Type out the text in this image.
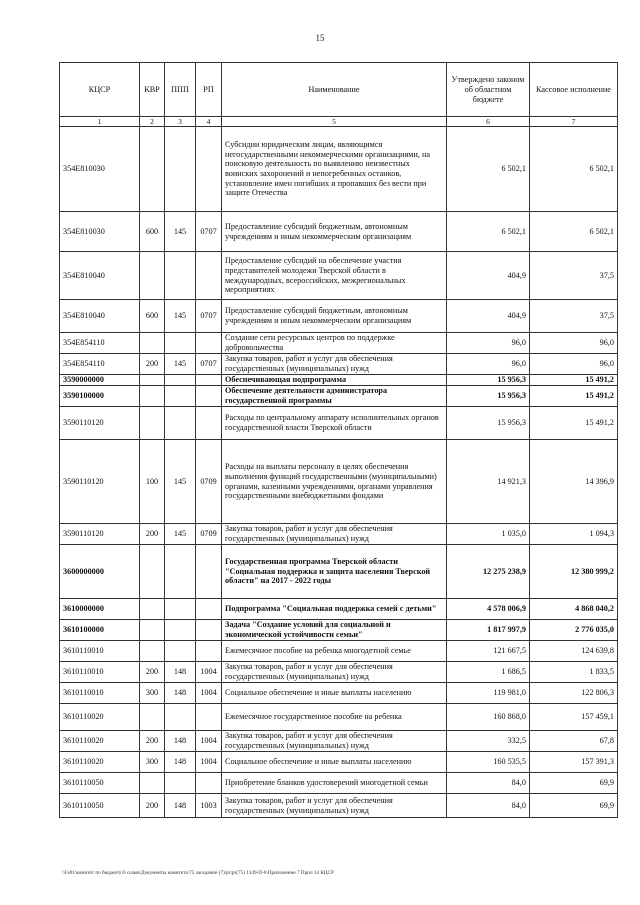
15
КЦСР	КВР	ППП	РП	Наименование	Утверждено законом об областном бюджете	Кассовое исполнение
1	2	3	4	5	6	7
354E810030				Субсидии юридическим лицам, являющимся негосударственными некоммерческими организациями, на поисковую деятельность по выявлению неизвестных воинских захоронений и непогребенных останков, установление имен погибших и пропавших без вести при защите Отечества	6 502,1	6 502,1
354E810030	600	145	0707	Предоставление субсидий бюджетным, автономным учреждениям и иным некоммерческим организациям	6 502,1	6 502,1
354E810040				Предоставление субсидий на обеспечение участия представителей молодежи Тверской области в международных, всероссийских, межрегиональных мероприятиях	404,9	37,5
354E810040	600	145	0707	Предоставление субсидий бюджетным, автономным учреждениям и иным некоммерческим организациям	404,9	37,5
354E854110				Создание сети ресурсных центров по поддержке добровольчества	96,0	96,0
354E854110	200	145	0707	Закупка товаров, работ и услуг для обеспечения государственных (муниципальных) нужд	96,0	96,0
3590000000				Обеспечивающая подпрограмма	15 956,3	15 491,2
3590100000				Обеспечение деятельности администратора государственной программы	15 956,3	15 491,2
3590110120				Расходы по центральному аппарату исполнительных органов государственной власти Тверской области	15 956,3	15 491,2
3590110120	100	145	0709	Расходы на выплаты персоналу в целях обеспечения выполнения функций государственными (муниципальными) органами, казенными учреждениями, органами управления государственными внебюджетными фондами	14 921,3	14 396,9
3590110120	200	145	0709	Закупка товаров, работ и услуг для обеспечения государственных (муниципальных) нужд	1 035,0	1 094,3
3600000000				Государственная программа Тверской области "Социальная поддержка и защита населения Тверской области" на 2017 - 2022 годы	12 275 238,9	12 380 999,2
3610000000				Подпрограмма "Социальная поддержка семей с детьми"	4 578 006,9	4 868 040,2
3610100000				Задача "Создание условий для социальной и экономической устойчивости семьи"	1 817 997,9	2 776 035,0
3610110010				Ежемесячное пособие на ребенка многодетной семье	121 667,5	124 639,8
3610110010	200	148	1004	Закупка товаров, работ и услуг для обеспечения государственных (муниципальных) нужд	1 686,5	1 833,5
3610110010	300	148	1004	Социальное обеспечение и иные выплаты населению	119 981,0	122 806,3
3610110020				Ежемесячное государственное пособие на ребенка	160 868,0	157 459,1
3610110020	200	148	1004	Закупка товаров, работ и услуг для обеспечения государственных (муниципальных) нужд	332,5	67,8
3610110020	300	148	1004	Социальное обеспечение и иные выплаты населению	160 535,5	157 391,3
3610110050				Приобретение бланков удостоверений многодетной семьи	84,0	69,9
3610110050	200	148	1003	Закупка товаров, работ и услуг для обеспечения государственных (муниципальных) нужд	84,0	69,9
\\Fs01\комитет по бюджету\6 созыв\Документы комитета\75 заседание (7)\pr\pr(75) 1349-П-6\Приложение 7 Прил 14 КЦСР
